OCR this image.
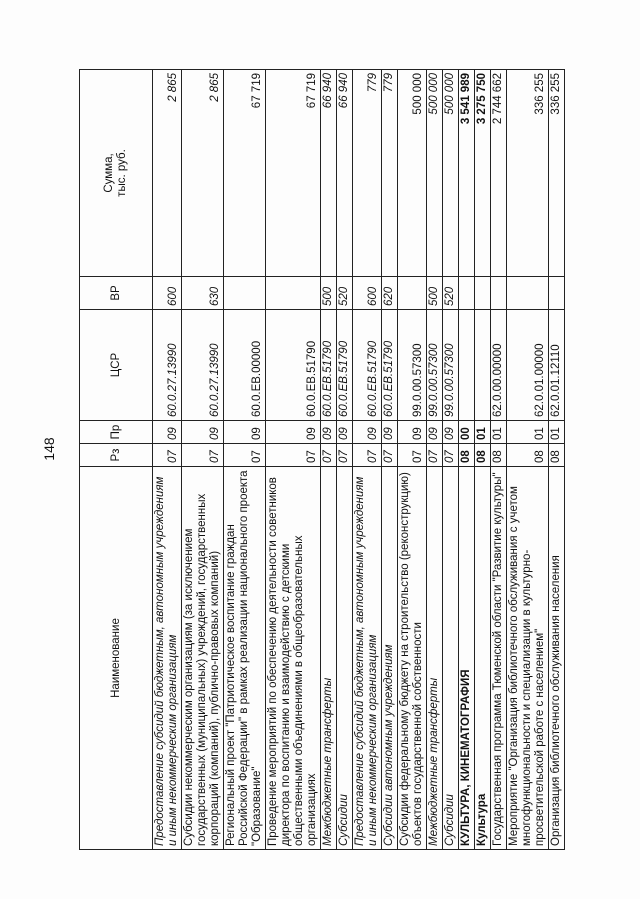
148
Наименование	Рз	Пр	ЦСР	ВР	Сумма,
тыс. руб.
Предоставление субсидий бюджетным, автономным учреждениям и иным некоммерческим организациям	07	09	60.0.27.13990	600	2 865
Субсидии некоммерческим организациям (за исключением государственных (муниципальных) учреждений, государственных корпораций (компаний), публично-правовых компаний)	07	09	60.0.27.13990	630	2 865
Региональный проект "Патриотическое воспитание граждан Российской Федерации" в рамках реализации национального проекта "Образование"	07	09	60.0.ЕВ.00000		67 719
Проведение мероприятий по обеспечению деятельности советников директора по воспитанию и взаимодействию с детскими общественными объединениями в общеобразовательных организациях	07	09	60.0.ЕВ.51790		67 719
Межбюджетные трансферты	07	09	60.0.ЕВ.51790	500	66 940
Субсидии	07	09	60.0.ЕВ.51790	520	66 940
Предоставление субсидий бюджетным, автономным учреждениям и иным некоммерческим организациям	07	09	60.0.ЕВ.51790	600	779
Субсидии автономным учреждениям	07	09	60.0.ЕВ.51790	620	779
Субсидии федеральному бюджету на строительство (реконструкцию) объектов государственной собственности	07	09	99.0.00.57300		500 000
Межбюджетные трансферты	07	09	99.0.00.57300	500	500 000
Субсидии	07	09	99.0.00.57300	520	500 000
КУЛЬТУРА, КИНЕМАТОГРАФИЯ	08	00			3 541 989
Культура	08	01			3 275 750
Государственная программа Тюменской области "Развитие культуры"	08	01	62.0.00.00000		2 744 662
Мероприятие "Организация библиотечного обслуживания с учетом многофункциональности и специализации в культурно-просветительской работе с населением"	08	01	62.0.01.00000		336 255
Организация библиотечного обслуживания населения	08	01	62.0.01.12110		336 255
